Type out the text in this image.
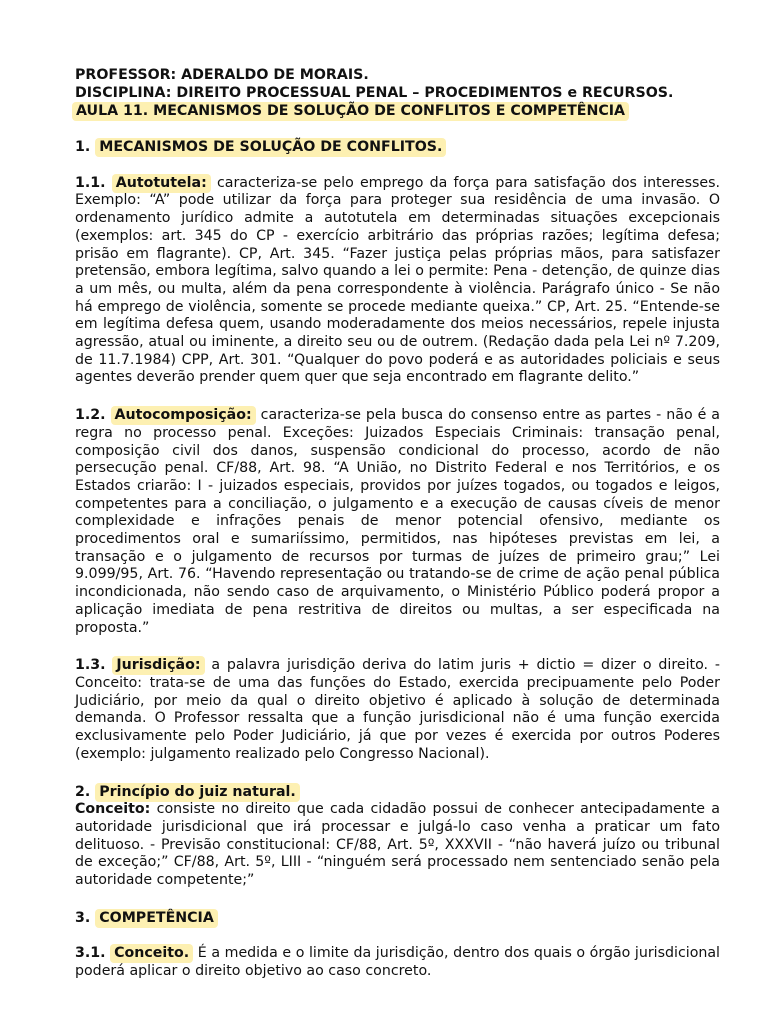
PROFESSOR: ADERALDO DE MORAIS.
DISCIPLINA: DIREITO PROCESSUAL PENAL – PROCEDIMENTOS e RECURSOS.
AULA 11. MECANISMOS DE SOLUÇÃO DE CONFLITOS E COMPETÊNCIA
1. MECANISMOS DE SOLUÇÃO DE CONFLITOS.
1.1. Autotutela: caracteriza-se pelo emprego da força para satisfação dos interesses. Exemplo: “A” pode utilizar da força para proteger sua residência de uma invasão. O ordenamento jurídico admite a autotutela em determinadas situações excepcionais (exemplos: art. 345 do CP - exercício arbitrário das próprias razões; legítima defesa; prisão em flagrante). CP, Art. 345. “Fazer justiça pelas próprias mãos, para satisfazer pretensão, embora legítima, salvo quando a lei o permite: Pena - detenção, de quinze dias a um mês, ou multa, além da pena correspondente à violência. Parágrafo único - Se não há emprego de violência, somente se procede mediante queixa.” CP, Art. 25. “Entende-se em legítima defesa quem, usando moderadamente dos meios necessários, repele injusta agressão, atual ou iminente, a direito seu ou de outrem. (Redação dada pela Lei nº 7.209, de 11.7.1984) CPP, Art. 301. “Qualquer do povo poderá e as autoridades policiais e seus agentes deverão prender quem quer que seja encontrado em flagrante delito.”
1.2. Autocomposição: caracteriza-se pela busca do consenso entre as partes - não é a regra no processo penal. Exceções: Juizados Especiais Criminais: transação penal, composição civil dos danos, suspensão condicional do processo, acordo de não persecução penal. CF/88, Art. 98. “A União, no Distrito Federal e nos Territórios, e os Estados criarão: I - juizados especiais, providos por juízes togados, ou togados e leigos, competentes para a conciliação, o julgamento e a execução de causas cíveis de menor complexidade e infrações penais de menor potencial ofensivo, mediante os procedimentos oral e sumariíssimo, permitidos, nas hipóteses previstas em lei, a transação e o julgamento de recursos por turmas de juízes de primeiro grau;” Lei 9.099/95, Art. 76. “Havendo representação ou tratando-se de crime de ação penal pública incondicionada, não sendo caso de arquivamento, o Ministério Público poderá propor a aplicação imediata de pena restritiva de direitos ou multas, a ser especificada na proposta.”
1.3. Jurisdição: a palavra jurisdição deriva do latim juris + dictio = dizer o direito. - Conceito: trata-se de uma das funções do Estado, exercida precipuamente pelo Poder Judiciário, por meio da qual o direito objetivo é aplicado à solução de determinada demanda. O Professor ressalta que a função jurisdicional não é uma função exercida exclusivamente pelo Poder Judiciário, já que por vezes é exercida por outros Poderes (exemplo: julgamento realizado pelo Congresso Nacional).
2. Princípio do juiz natural.
Conceito: consiste no direito que cada cidadão possui de conhecer antecipadamente a autoridade jurisdicional que irá processar e julgá-lo caso venha a praticar um fato delituoso. - Previsão constitucional: CF/88, Art. 5º, XXXVII - “não haverá juízo ou tribunal de exceção;” CF/88, Art. 5º, LIII - “ninguém será processado nem sentenciado senão pela autoridade competente;”
3. COMPETÊNCIA
3.1. Conceito. É a medida e o limite da jurisdição, dentro dos quais o órgão jurisdicional poderá aplicar o direito objetivo ao caso concreto.
